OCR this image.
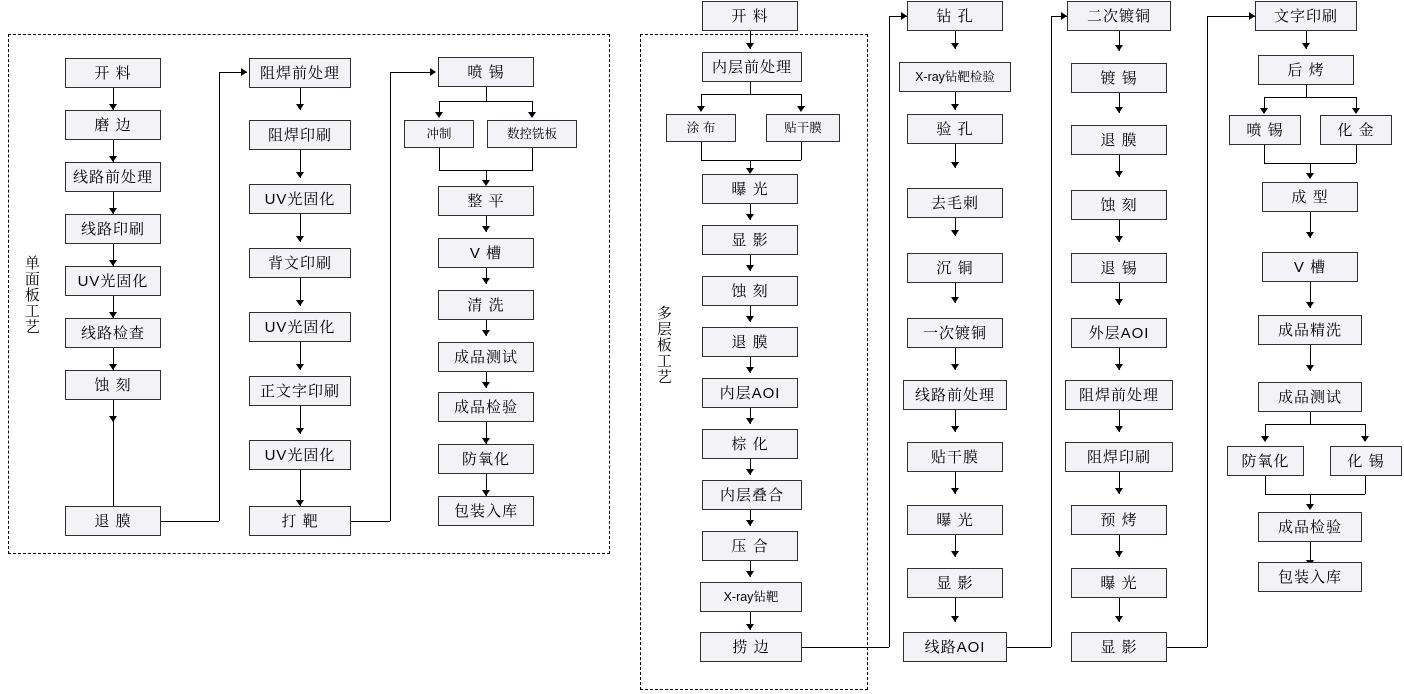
单面板工艺
多层板工艺
开 料
磨 边
线路前处理
线路印刷
UV光固化
线路检查
蚀 刻
退 膜
阻焊前处理
阻焊印刷
UV光固化
背文印刷
UV光固化
正文字印刷
UV光固化
打 靶
喷 锡
冲制	数控铣板
整 平
V 槽
清 洗
成品测试
成品检验
防氧化
包装入库
开 料
内层前处理
涂 布	贴干膜
曝 光
显 影
蚀 刻
退 膜
内层AOI
棕 化
内层叠合
压 合
X-ray钻靶
捞 边
钻 孔
X-ray钻靶检验
验 孔
去毛刺
沉 铜
一次镀铜
线路前处理
贴干膜
曝 光
显 影
线路AOI
二次镀铜
镀 锡
退 膜
蚀 刻
退 锡
外层AOI
阻焊前处理
阻焊印刷
预 烤
曝 光
显 影
文字印刷
后 烤
喷 锡	化 金
成 型
V 槽
成品精洗
成品测试
防氧化	化 锡
成品检验
包装入库
